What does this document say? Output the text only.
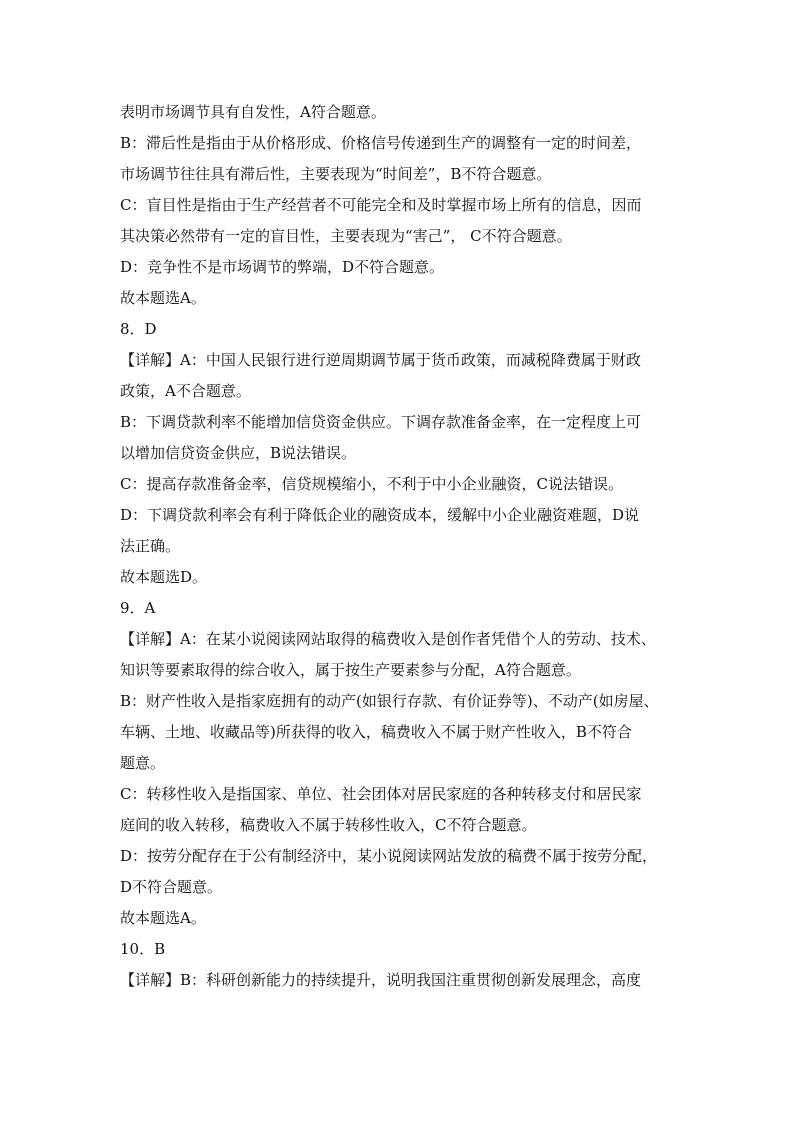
表明市场调节具有自发性，A符合题意。
B：滞后性是指由于从价格形成、价格信号传递到生产的调整有一定的时间差，
市场调节往往具有滞后性，主要表现为“时间差”，B不符合题意。
C：盲目性是指由于生产经营者不可能完全和及时掌握市场上所有的信息，因而
其决策必然带有一定的盲目性，主要表现为“害己”， C不符合题意。
D：竞争性不是市场调节的弊端，D不符合题意。
故本题选A。
8．D
【详解】A：中国人民银行进行逆周期调节属于货币政策，而减税降费属于财政
政策，A不合题意。
B：下调贷款利率不能增加信贷资金供应。下调存款准备金率，在一定程度上可
以增加信贷资金供应，B说法错误。
C：提高存款准备金率，信贷规模缩小，不利于中小企业融资，C说法错误。
D：下调贷款利率会有利于降低企业的融资成本，缓解中小企业融资难题，D说
法正确。
故本题选D。
9．A
【详解】A：在某小说阅读网站取得的稿费收入是创作者凭借个人的劳动、技术、
知识等要素取得的综合收入，属于按生产要素参与分配，A符合题意。
B：财产性收入是指家庭拥有的动产(如银行存款、有价证券等)、不动产(如房屋、
车辆、土地、收藏品等)所获得的收入，稿费收入不属于财产性收入，B不符合
题意。
C：转移性收入是指国家、单位、社会团体对居民家庭的各种转移支付和居民家
庭间的收入转移，稿费收入不属于转移性收入，C不符合题意。
D：按劳分配存在于公有制经济中，某小说阅读网站发放的稿费不属于按劳分配，
D不符合题意。
故本题选A。
10．B
【详解】B：科研创新能力的持续提升，说明我国注重贯彻创新发展理念，高度
